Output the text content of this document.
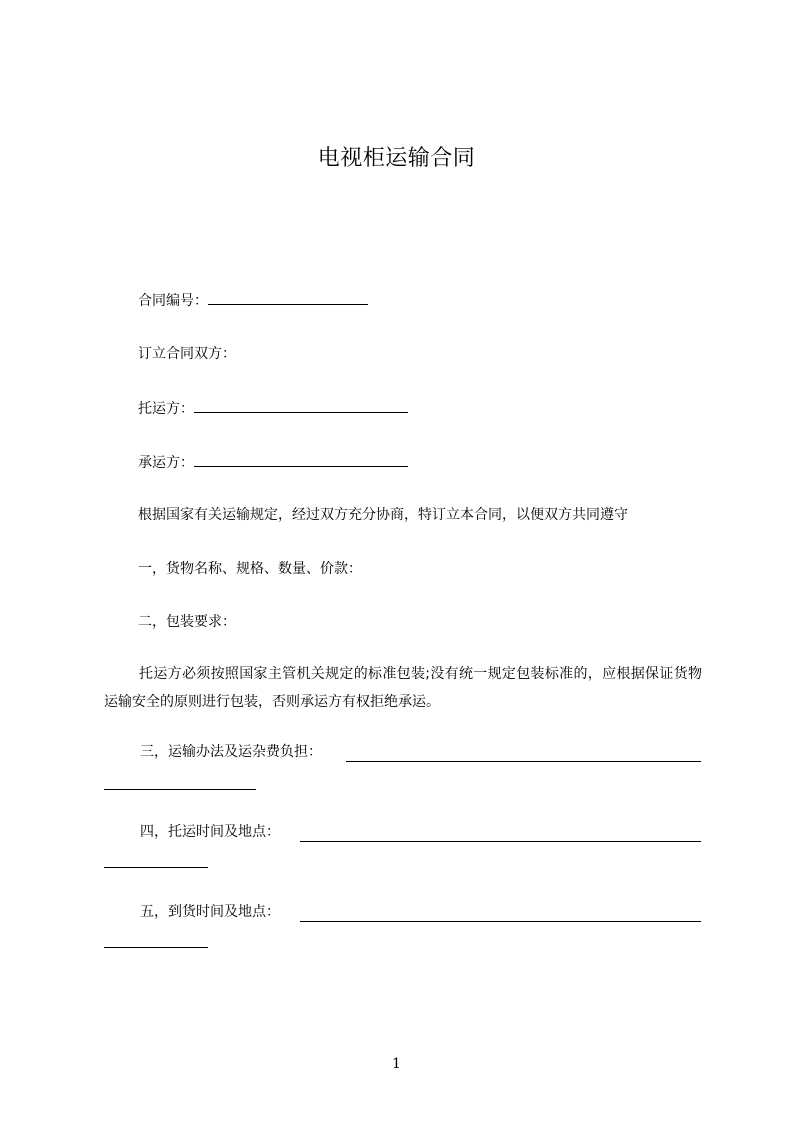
电视柜运输合同
合同编号：
订立合同双方：
托运方：
承运方：
根据国家有关运输规定，经过双方充分协商，特订立本合同，以便双方共同遵守
一，货物名称、规格、数量、价款：
二，包装要求：
托运方必须按照国家主管机关规定的标准包装;没有统一规定包装标准的，应根据保证货物运输安全的原则进行包装，否则承运方有权拒绝承运。
三，运输办法及运杂费负担：
四，托运时间及地点：
五，到货时间及地点：
1
